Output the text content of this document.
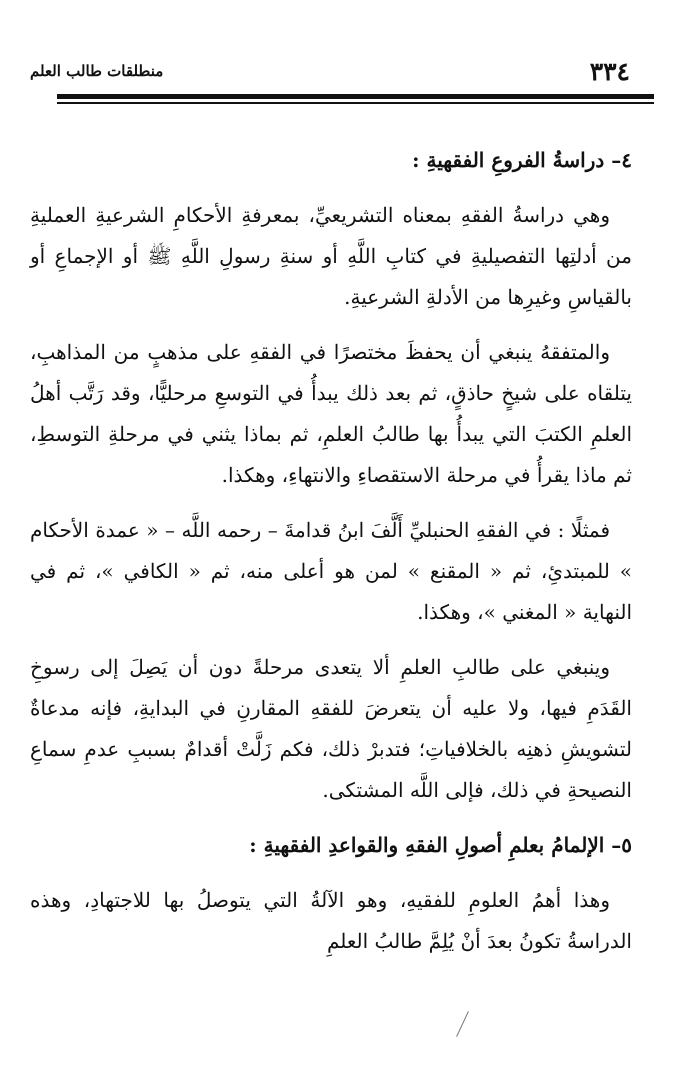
٣٣٤
منطلقات طالب العلم
٤– دراسةُ الفروعِ الفقهيةِ :

وهي دراسةُ الفقهِ بمعناه التشريعيِّ، بمعرفةِ الأحكامِ الشرعيةِ العمليةِ من أدلتِها التفصيليةِ في كتابِ اللَّهِ أو سنةِ رسولِ اللَّهِ ﷺ أو الإجماعِ أو بالقياسِ وغيرِها من الأدلةِ الشرعيةِ.

والمتفقهُ ينبغي أن يحفظَ مختصرًا في الفقهِ على مذهبٍ من المذاهبِ، يتلقاه على شيخٍ حاذقٍ، ثم بعد ذلك يبدأُ في التوسعِ مرحليًّا، وقد رَتَّب أهلُ العلمِ الكتبَ التي يبدأُ بها طالبُ العلمِ، ثم بماذا يثني في مرحلةِ التوسطِ، ثم ماذا يقرأُ في مرحلة الاستقصاءِ والانتهاءِ، وهكذا.

فمثلًا : في الفقهِ الحنبليِّ أَلَّفَ ابنُ قدامةَ – رحمه اللَّه – « عمدة الأحكام » للمبتدئِ، ثم « المقنع » لمن هو أعلى منه، ثم « الكافي »، ثم في النهاية « المغني »، وهكذا.

وينبغي على طالبِ العلمِ ألا يتعدى مرحلةً دون أن يَصِلَ إلى رسوخِ القَدَمِ فيها، ولا عليه أن يتعرضَ للفقهِ المقارنِ في البدايةِ، فإنه مدعاةٌ لتشويشِ ذهنِه بالخلافياتِ؛ فتدبرْ ذلك، فكم زَلَّتْ أقدامٌ بسببِ عدمِ سماعِ النصيحةِ في ذلك، فإلى اللَّه المشتكى.

٥– الإلمامُ بعلمِ أصولِ الفقهِ والقواعدِ الفقهيةِ :

وهذا أهمُ العلومِ للفقيهِ، وهو الآلةُ التي يتوصلُ بها للاجتهادِ، وهذه الدراسةُ تكونُ بعدَ أنْ يُلِمَّ طالبُ العلمِ
